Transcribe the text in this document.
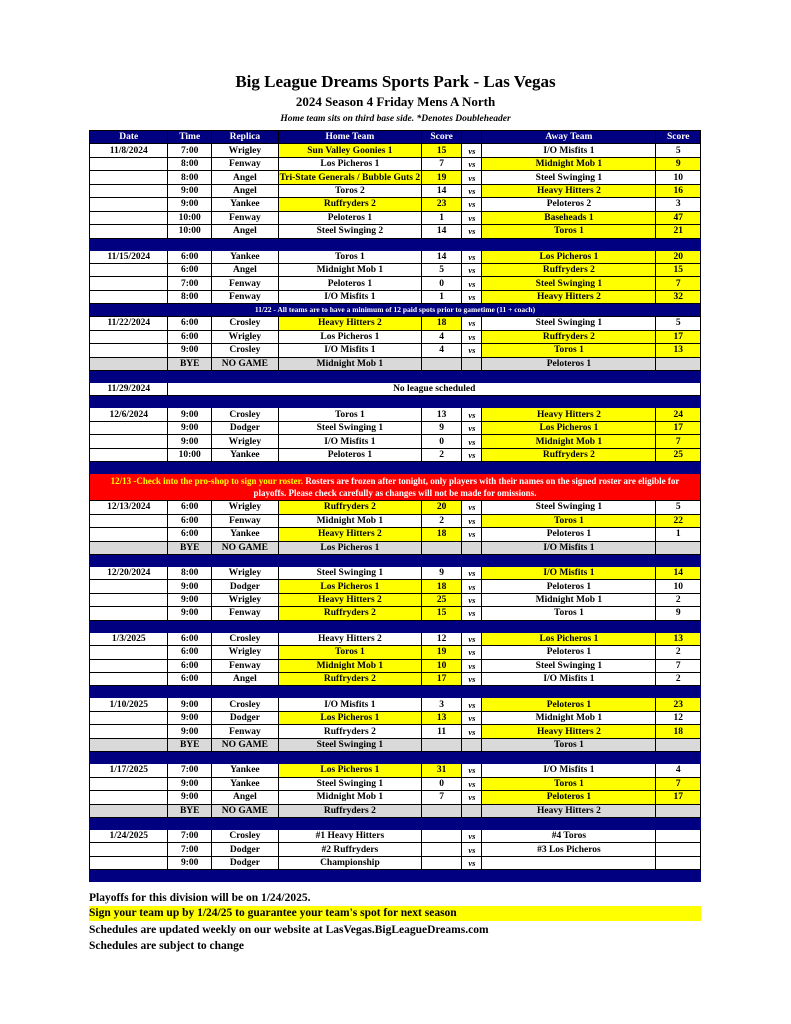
Big League Dreams Sports Park - Las Vegas
2024 Season 4 Friday Mens A North
Home team sits on third base side. *Denotes Doubleheader
Date	Time	Replica	Home Team	Score		Away Team	Score
11/8/2024	7:00	Wrigley	Sun Valley Goonies 1	15	vs	I/O Misfits 1	5
	8:00	Fenway	Los Picheros 1	7	vs	Midnight Mob 1	9
	8:00	Angel	Tri-State Generals / Bubble Guts 2	19	vs	Steel Swinging 1	10
	9:00	Angel	Toros 2	14	vs	Heavy Hitters 2	16
	9:00	Yankee	Ruffryders 2	23	vs	Peloteros 2	3
	10:00	Fenway	Peloteros 1	1	vs	Baseheads 1	47
	10:00	Angel	Steel Swinging 2	14	vs	Toros 1	21

11/15/2024	6:00	Yankee	Toros 1	14	vs	Los Picheros 1	20
	6:00	Angel	Midnight Mob 1	5	vs	Ruffryders 2	15
	7:00	Fenway	Peloteros 1	0	vs	Steel Swinging 1	7
	8:00	Fenway	I/O Misfits 1	1	vs	Heavy Hitters 2	32
11/22 - All teams are to have a minimum of 12 paid spots prior to gametime (11 + coach)							
11/22/2024	6:00	Crosley	Heavy Hitters 2	18	vs	Steel Swinging 1	5
	6:00	Wrigley	Los Picheros 1	4	vs	Ruffryders 2	17
	9:00	Crosley	I/O Misfits 1	4	vs	Toros 1	13
	BYE	NO GAME	Midnight Mob 1			Peloteros 1	

11/29/2024	No league scheduled						

12/6/2024	9:00	Crosley	Toros 1	13	vs	Heavy Hitters 2	24
	9:00	Dodger	Steel Swinging 1	9	vs	Los Picheros 1	17
	9:00	Wrigley	I/O Misfits 1	0	vs	Midnight Mob 1	7
	10:00	Yankee	Peloteros 1	2	vs	Ruffryders 2	25

12/13 -Check into the pro-shop to sign your roster. Rosters are frozen after tonight, only players with their names on the signed roster are eligible for playoffs. Please check carefully as changes will not be made for omissions.							
12/13/2024	6:00	Wrigley	Ruffryders 2	20	vs	Steel Swinging 1	5
	6:00	Fenway	Midnight Mob 1	2	vs	Toros 1	22
	6:00	Yankee	Heavy Hitters 2	18	vs	Peloteros 1	1
	BYE	NO GAME	Los Picheros 1			I/O Misfits 1	

12/20/2024	8:00	Wrigley	Steel Swinging 1	9	vs	I/O Misfits 1	14
	9:00	Dodger	Los Picheros 1	18	vs	Peloteros 1	10
	9:00	Wrigley	Heavy Hitters 2	25	vs	Midnight Mob 1	2
	9:00	Fenway	Ruffryders 2	15	vs	Toros 1	9

1/3/2025	6:00	Crosley	Heavy Hitters 2	12	vs	Los Picheros 1	13
	6:00	Wrigley	Toros 1	19	vs	Peloteros 1	2
	6:00	Fenway	Midnight Mob 1	10	vs	Steel Swinging 1	7
	6:00	Angel	Ruffryders 2	17	vs	I/O Misfits 1	2

1/10/2025	9:00	Crosley	I/O Misfits 1	3	vs	Peloteros 1	23
	9:00	Dodger	Los Picheros 1	13	vs	Midnight Mob 1	12
	9:00	Fenway	Ruffryders 2	11	vs	Heavy Hitters 2	18
	BYE	NO GAME	Steel Swinging 1			Toros 1	

1/17/2025	7:00	Yankee	Los Picheros 1	31	vs	I/O Misfits 1	4
	9:00	Yankee	Steel Swinging 1	0	vs	Toros 1	7
	9:00	Angel	Midnight Mob 1	7	vs	Peloteros 1	17
	BYE	NO GAME	Ruffryders 2			Heavy Hitters 2	

1/24/2025	7:00	Crosley	#1 Heavy Hitters		vs	#4 Toros	
	7:00	Dodger	#2 Ruffryders		vs	#3 Los Picheros	
	9:00	Dodger	Championship		vs		

Playoffs for this division will be on 1/24/2025.
Sign your team up by 1/24/25 to guarantee your team's spot for next season
Schedules are updated weekly on our website at LasVegas.BigLeagueDreams.com
Schedules are subject to change
